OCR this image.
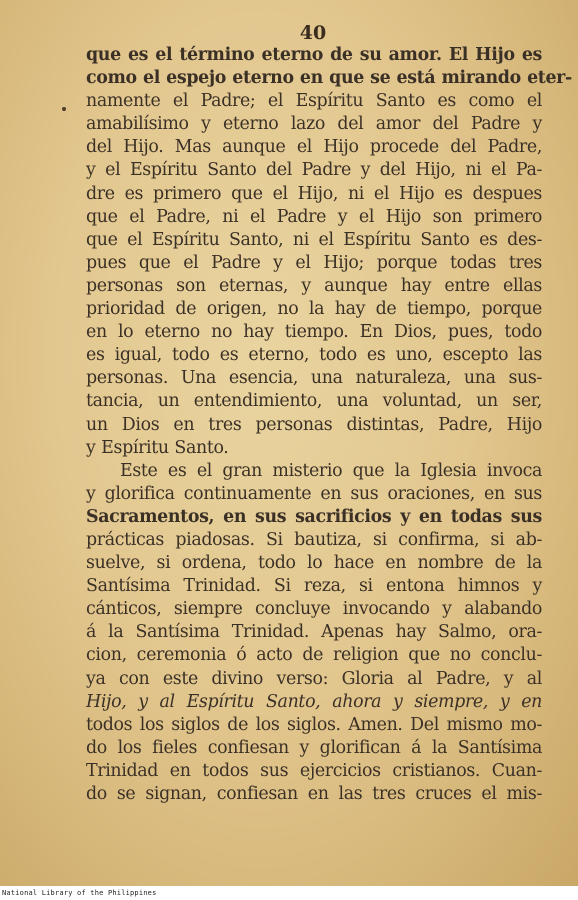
40
que es el término eterno de su amor. El Hijo es
como el espejo eterno en que se está mirando eter-
namente el Padre; el Espíritu Santo es como el
amabilísimo y eterno lazo del amor del Padre y
del Hijo. Mas aunque el Hijo procede del Padre,
y el Espíritu Santo del Padre y del Hijo, ni el Pa-
dre es primero que el Hijo, ni el Hijo es despues
que el Padre, ni el Padre y el Hijo son primero
que el Espíritu Santo, ni el Espíritu Santo es des-
pues que el Padre y el Hijo; porque todas tres
personas son eternas, y aunque hay entre ellas
prioridad de origen, no la hay de tiempo, porque
en lo eterno no hay tiempo. En Dios, pues, todo
es igual, todo es eterno, todo es uno, escepto las
personas. Una esencia, una naturaleza, una sus-
tancia, un entendimiento, una voluntad, un ser,
un Dios en tres personas distintas, Padre, Hijo
y Espíritu Santo.
Este es el gran misterio que la Iglesia invoca
y glorifica continuamente en sus oraciones, en sus
Sacramentos, en sus sacrificios y en todas sus
prácticas piadosas. Si bautiza, si confirma, si ab-
suelve, si ordena, todo lo hace en nombre de la
Santísima Trinidad. Si reza, si entona himnos y
cánticos, siempre concluye invocando y alabando
á la Santísima Trinidad. Apenas hay Salmo, ora-
cion, ceremonia ó acto de religion que no conclu-
ya con este divino verso: Gloria al Padre, y al
Hijo, y al Espíritu Santo, ahora y siempre, y en
todos los siglos de los siglos. Amen. Del mismo mo-
do los fieles confiesan y glorifican á la Santísima
Trinidad en todos sus ejercicios cristianos. Cuan-
do se signan, confiesan en las tres cruces el mis-
National Library of the Philippines
